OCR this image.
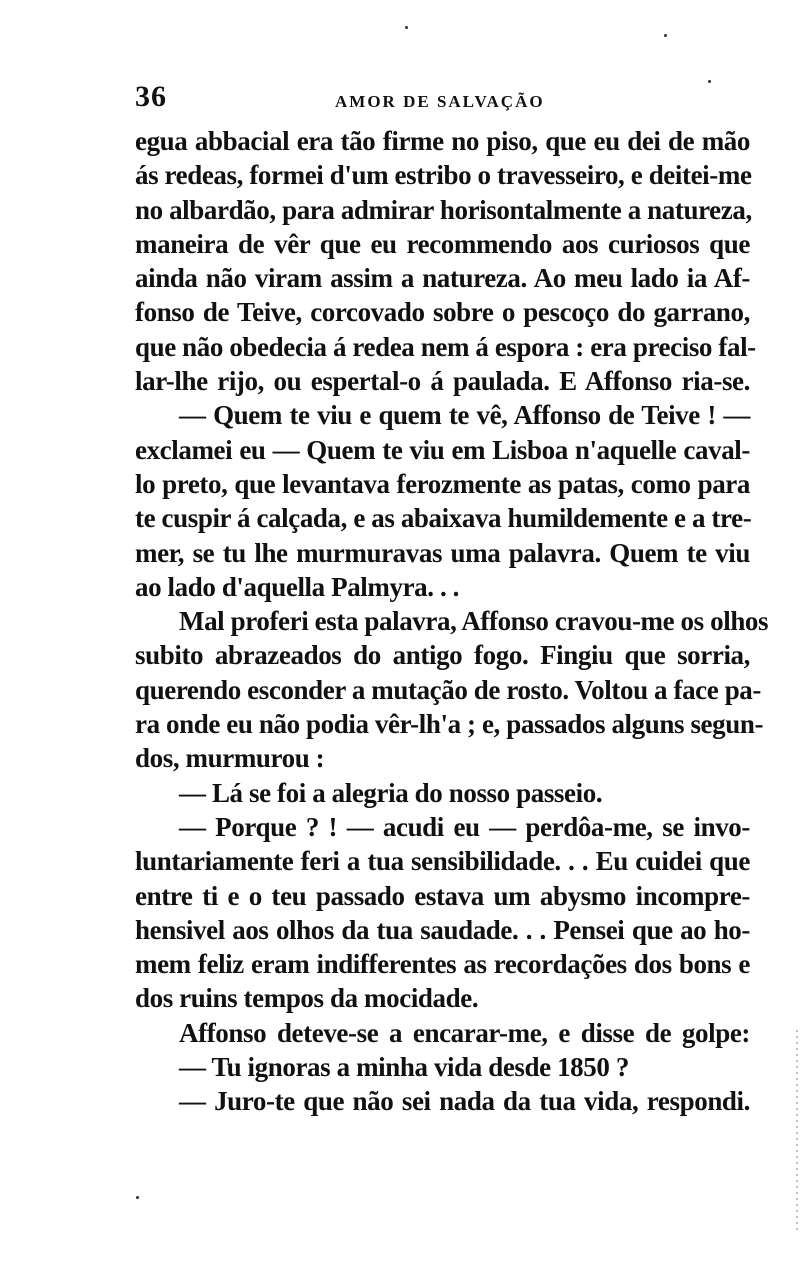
36	AMOR DE SALVAÇÃO
egua abbacial era tão firme no piso, que eu dei de mão
ás redeas, formei d'um estribo o travesseiro, e deitei-me
no albardão, para admirar horisontalmente a natureza,
maneira de vêr que eu recommendo aos curiosos que
ainda não viram assim a natureza. Ao meu lado ia Af-
fonso de Teive, corcovado sobre o pescoço do garrano,
que não obedecia á redea nem á espora : era preciso fal-
lar-lhe rijo, ou espertal-o á paulada. E Affonso ria-se.
— Quem te viu e quem te vê, Affonso de Teive ! —
exclamei eu — Quem te viu em Lisboa n'aquelle caval-
lo preto, que levantava ferozmente as patas, como para
te cuspir á calçada, e as abaixava humildemente e a tre-
mer, se tu lhe murmuravas uma palavra. Quem te viu
ao lado d'aquella Palmyra. . .
Mal proferi esta palavra, Affonso cravou-me os olhos
subito abrazeados do antigo fogo. Fingiu que sorria,
querendo esconder a mutação de rosto. Voltou a face pa-
ra onde eu não podia vêr-lh'a ; e, passados alguns segun-
dos, murmurou :
— Lá se foi a alegria do nosso passeio.
— Porque ? ! — acudi eu — perdôa-me, se invo-
luntariamente feri a tua sensibilidade. . . Eu cuidei que
entre ti e o teu passado estava um abysmo incompre-
hensivel aos olhos da tua saudade. . . Pensei que ao ho-
mem feliz eram indifferentes as recordações dos bons e
dos ruins tempos da mocidade.
Affonso deteve-se a encarar-me, e disse de golpe:
— Tu ignoras a minha vida desde 1850 ?
— Juro-te que não sei nada da tua vida, respondi.
